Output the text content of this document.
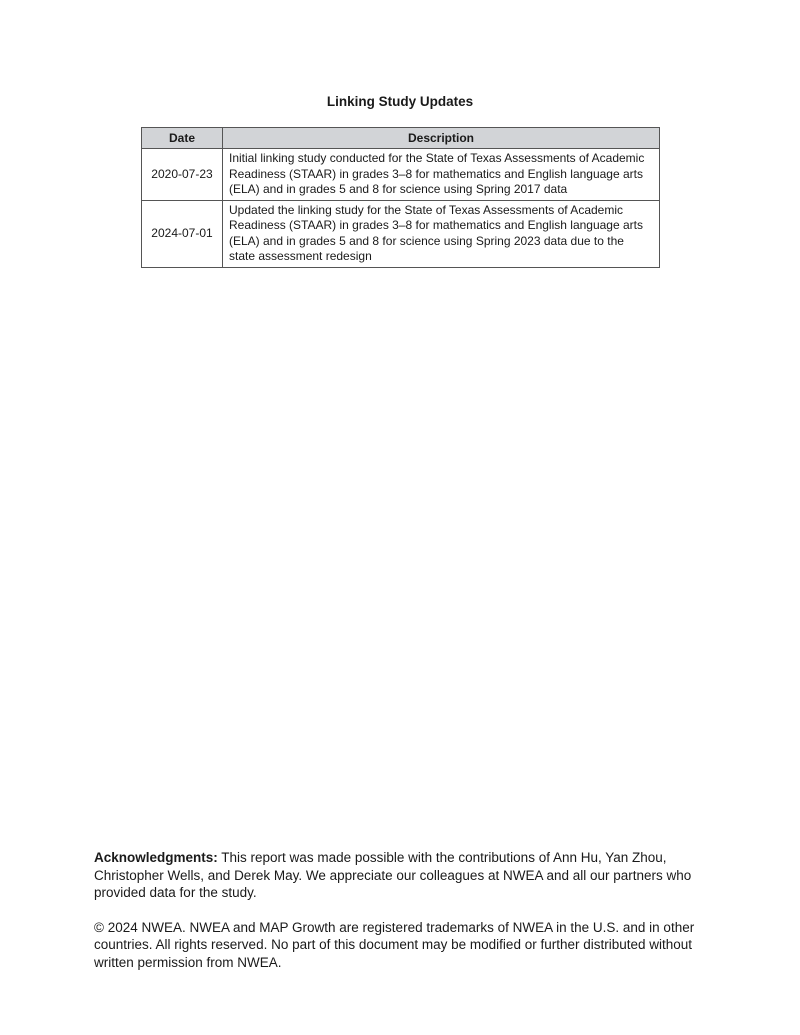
Linking Study Updates
Date	Description
2020-07-23	Initial linking study conducted for the State of Texas Assessments of Academic Readiness (STAAR) in grades 3–8 for mathematics and English language arts (ELA) and in grades 5 and 8 for science using Spring 2017 data
2024-07-01	Updated the linking study for the State of Texas Assessments of Academic Readiness (STAAR) in grades 3–8 for mathematics and English language arts (ELA) and in grades 5 and 8 for science using Spring 2023 data due to the state assessment redesign

Acknowledgments: This report was made possible with the contributions of Ann Hu, Yan Zhou, Christopher Wells, and Derek May. We appreciate our colleagues at NWEA and all our partners who provided data for the study.

© 2024 NWEA. NWEA and MAP Growth are registered trademarks of NWEA in the U.S. and in other countries. All rights reserved. No part of this document may be modified or further distributed without written permission from NWEA.
